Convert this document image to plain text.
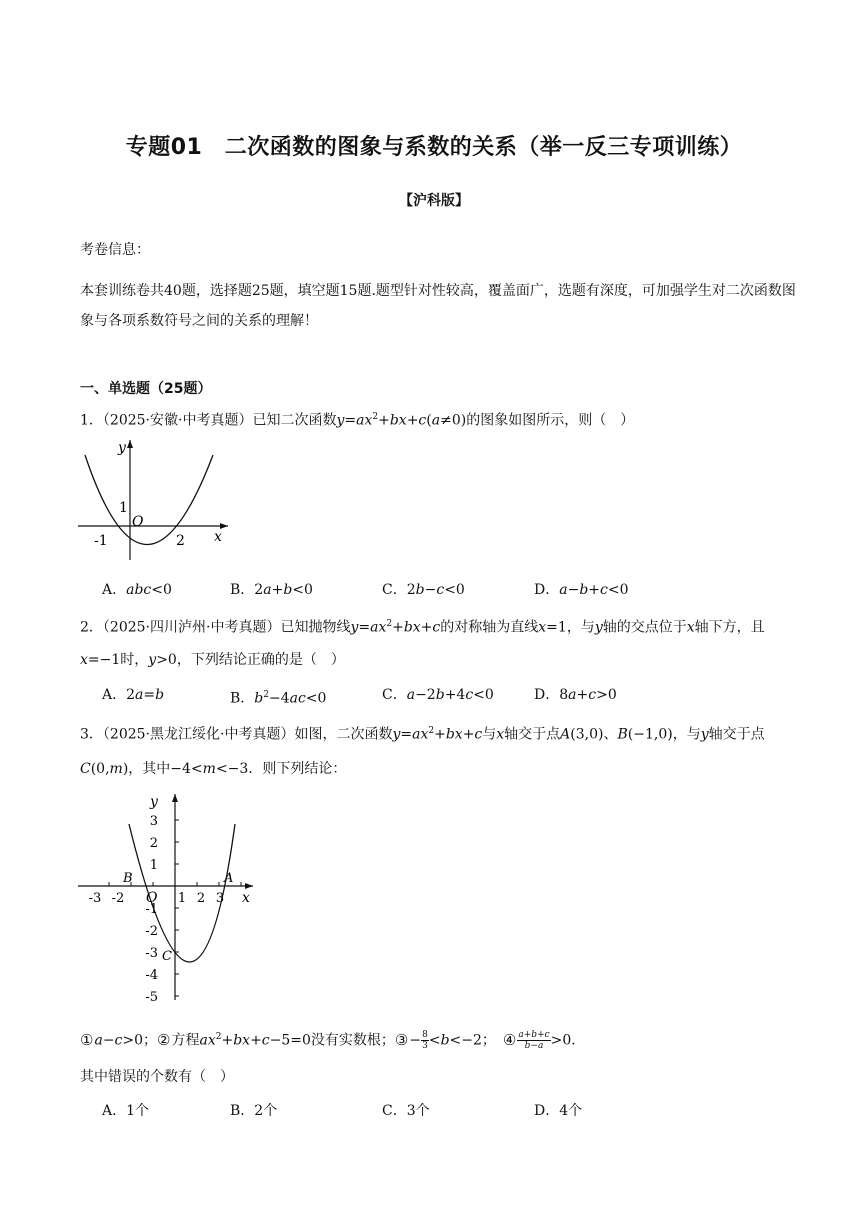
专题01　二次函数的图象与系数的关系（举一反三专项训练）
【沪科版】
考卷信息：
本套训练卷共40题，选择题25题，填空题15题.题型针对性较高，覆盖面广，选题有深度，可加强学生对二次函数图象与各项系数符号之间的关系的理解！
一、单选题（25题）
1．（2025·安徽·中考真题）已知二次函数$y=ax^2+bx+c(a\ne 0)$的图象如图所示，则（　）
y
x
O
1
-1	2
A．abc<0	B．2a+b<0	C．2b−c<0	D．a−b+c<0
2．（2025·四川泸州·中考真题）已知抛物线$y=ax^2+bx+c$的对称轴为直线x=1，与y轴的交点位于x轴下方，且
x=−1时，y>0，下列结论正确的是（　）
A．2a=b	B．$b^2-4ac<0$	C．a−2b+4c<0	D．8a+c>0
3．（2025·黑龙江绥化·中考真题）如图，二次函数$y=ax^2+bx+c$与x轴交于点A(3,0)、B(−1,0)，与y轴交于点
C(0,m)，其中−4<m<−3．则下列结论：
y
x
O
A
B
C
3
2
1
-1
-2
-3
-4
-5
-3 -2	1 2 3
①a−c>0；②方程$ax^2+bx+c-5=0$没有实数根；③− $\frac{8}{3} <b<-2$；　④ $\frac{a+b+c}{b-a} >0$．
其中错误的个数有（　）
A．1个	B．2个	C．3个	D．4个
